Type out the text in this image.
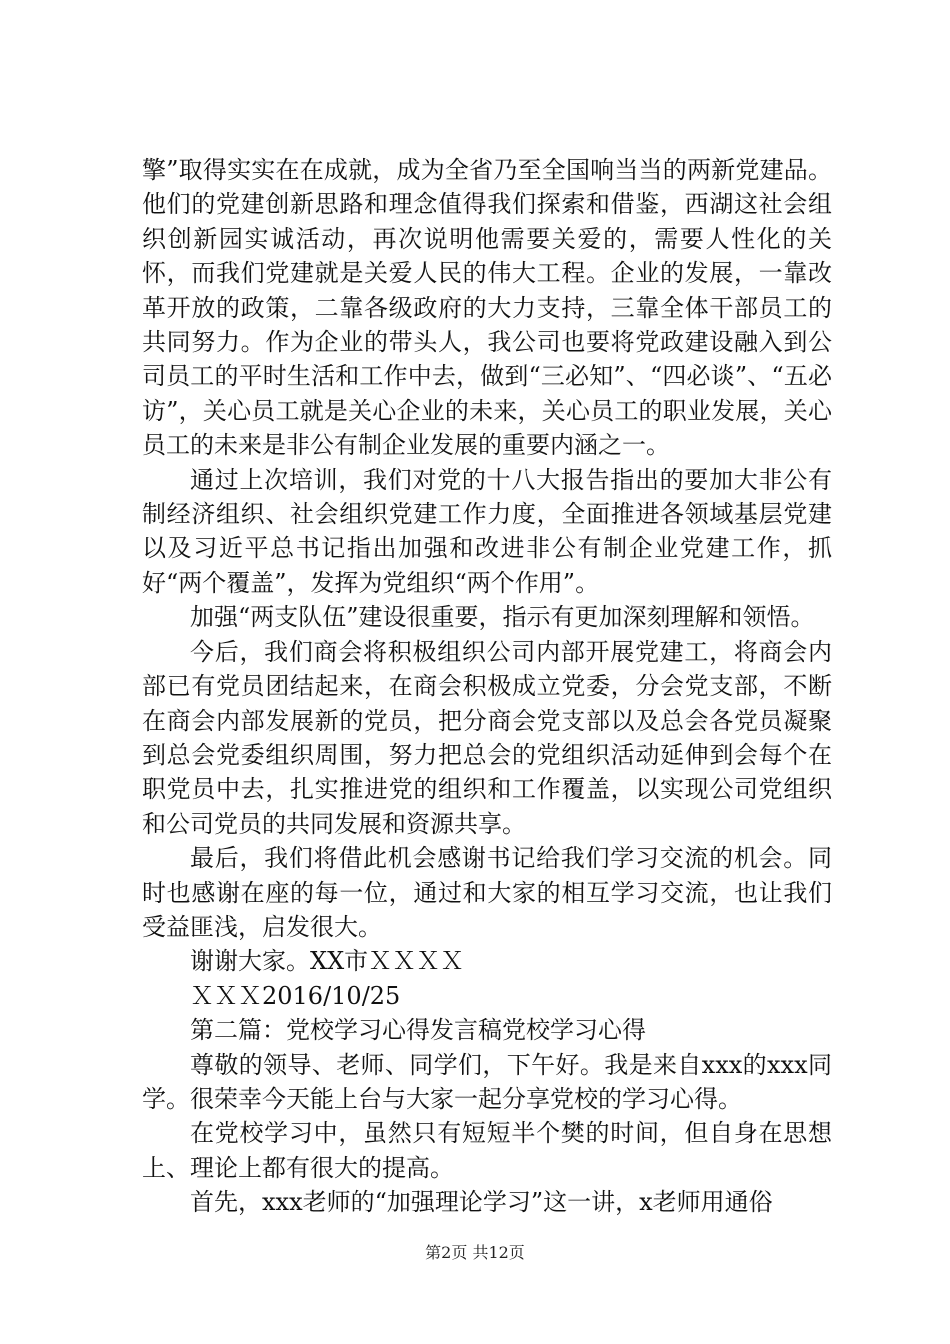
擎”取得实实在在成就，成为全省乃至全国响当当的两新党建品。他们的党建创新思路和理念值得我们探索和借鉴，西湖这社会组织创新园实诚活动，再次说明他需要关爱的，需要人性化的关怀，而我们党建就是关爱人民的伟大工程。企业的发展，一靠改革开放的政策，二靠各级政府的大力支持，三靠全体干部员工的共同努力。作为企业的带头人，我公司也要将党政建设融入到公司员工的平时生活和工作中去，做到“三必知”、“四必谈”、“五必访”，关心员工就是关心企业的未来，关心员工的职业发展，关心员工的未来是非公有制企业发展的重要内涵之一。

通过上次培训，我们对党的十八大报告指出的要加大非公有制经济组织、社会组织党建工作力度，全面推进各领域基层党建以及习近平总书记指出加强和改进非公有制企业党建工作，抓好“两个覆盖”，发挥为党组织“两个作用”。

加强“两支队伍”建设很重要，指示有更加深刻理解和领悟。

今后，我们商会将积极组织公司内部开展党建工，将商会内部已有党员团结起来，在商会积极成立党委，分会党支部，不断在商会内部发展新的党员，把分商会党支部以及总会各党员凝聚到总会党委组织周围，努力把总会的党组织活动延伸到会每个在职党员中去，扎实推进党的组织和工作覆盖，以实现公司党组织和公司党员的共同发展和资源共享。

最后，我们将借此机会感谢书记给我们学习交流的机会。同时也感谢在座的每一位，通过和大家的相互学习交流，也让我们受益匪浅，启发很大。

谢谢大家。XX市ＸＸＸＸ

ＸＸＸ2016/10/25

第二篇：党校学习心得发言稿党校学习心得

尊敬的领导、老师、同学们，下午好。我是来自xxx的xxx同学。很荣幸今天能上台与大家一起分享党校的学习心得。

在党校学习中，虽然只有短短半个樊的时间，但自身在思想上、理论上都有很大的提高。

首先，xxx老师的“加强理论学习”这一讲，x老师用通俗

第2页 共12页
